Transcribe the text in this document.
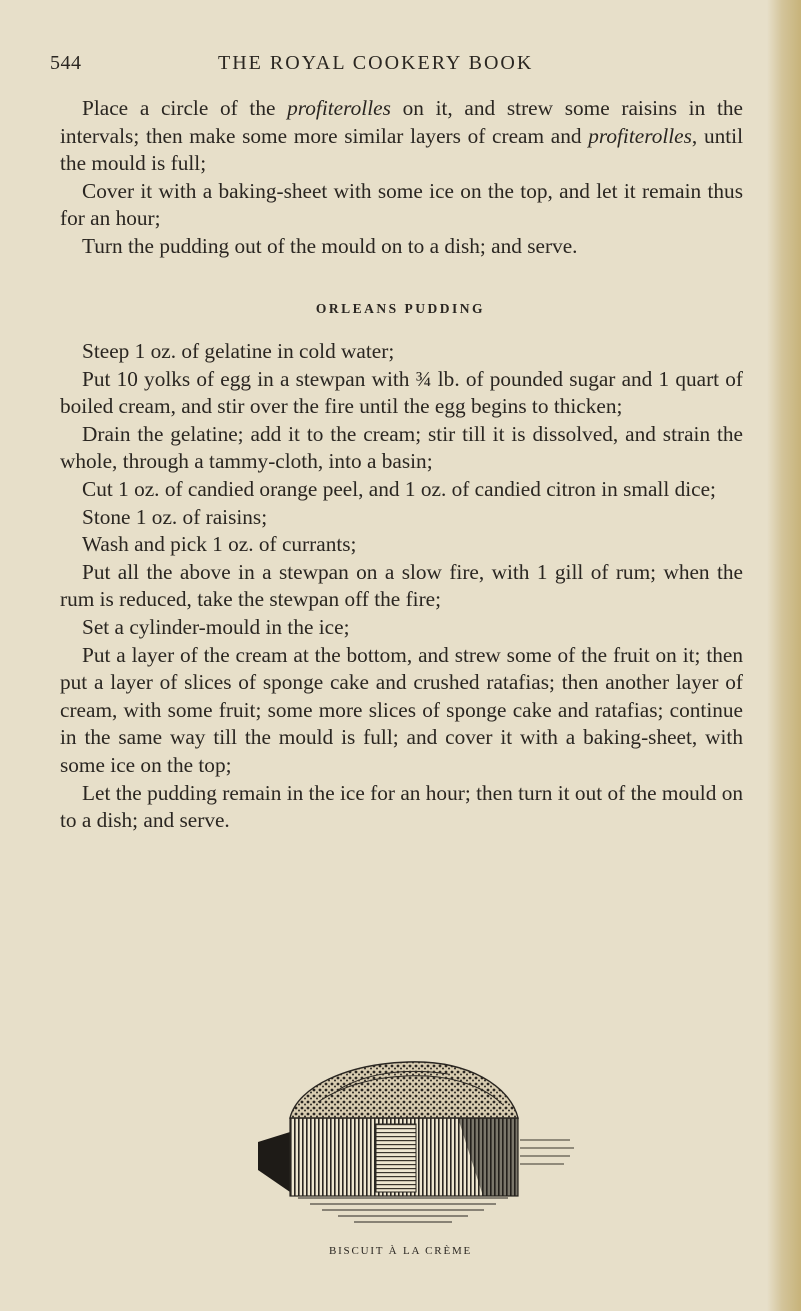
544	THE ROYAL COOKERY BOOK

Place a circle of the profiterolles on it, and strew some raisins in the intervals; then make some more similar layers of cream and profiterolles, until the mould is full;

Cover it with a baking-sheet with some ice on the top, and let it remain thus for an hour;

Turn the pudding out of the mould on to a dish; and serve.

ORLEANS PUDDING

Steep 1 oz. of gelatine in cold water;

Put 10 yolks of egg in a stewpan with ¾ lb. of pounded sugar and 1 quart of boiled cream, and stir over the fire until the egg begins to thicken;

Drain the gelatine; add it to the cream; stir till it is dissolved, and strain the whole, through a tammy-cloth, into a basin;

Cut 1 oz. of candied orange peel, and 1 oz. of candied citron in small dice;

Stone 1 oz. of raisins;

Wash and pick 1 oz. of currants;

Put all the above in a stewpan on a slow fire, with 1 gill of rum; when the rum is reduced, take the stewpan off the fire;

Set a cylinder-mould in the ice;

Put a layer of the cream at the bottom, and strew some of the fruit on it; then put a layer of slices of sponge cake and crushed ratafias; then another layer of cream, with some fruit; some more slices of sponge cake and ratafias; continue in the same way till the mould is full; and cover it with a baking-sheet, with some ice on the top;

Let the pudding remain in the ice for an hour; then turn it out of the mould on to a dish; and serve.

BISCUIT À LA CRÈME
